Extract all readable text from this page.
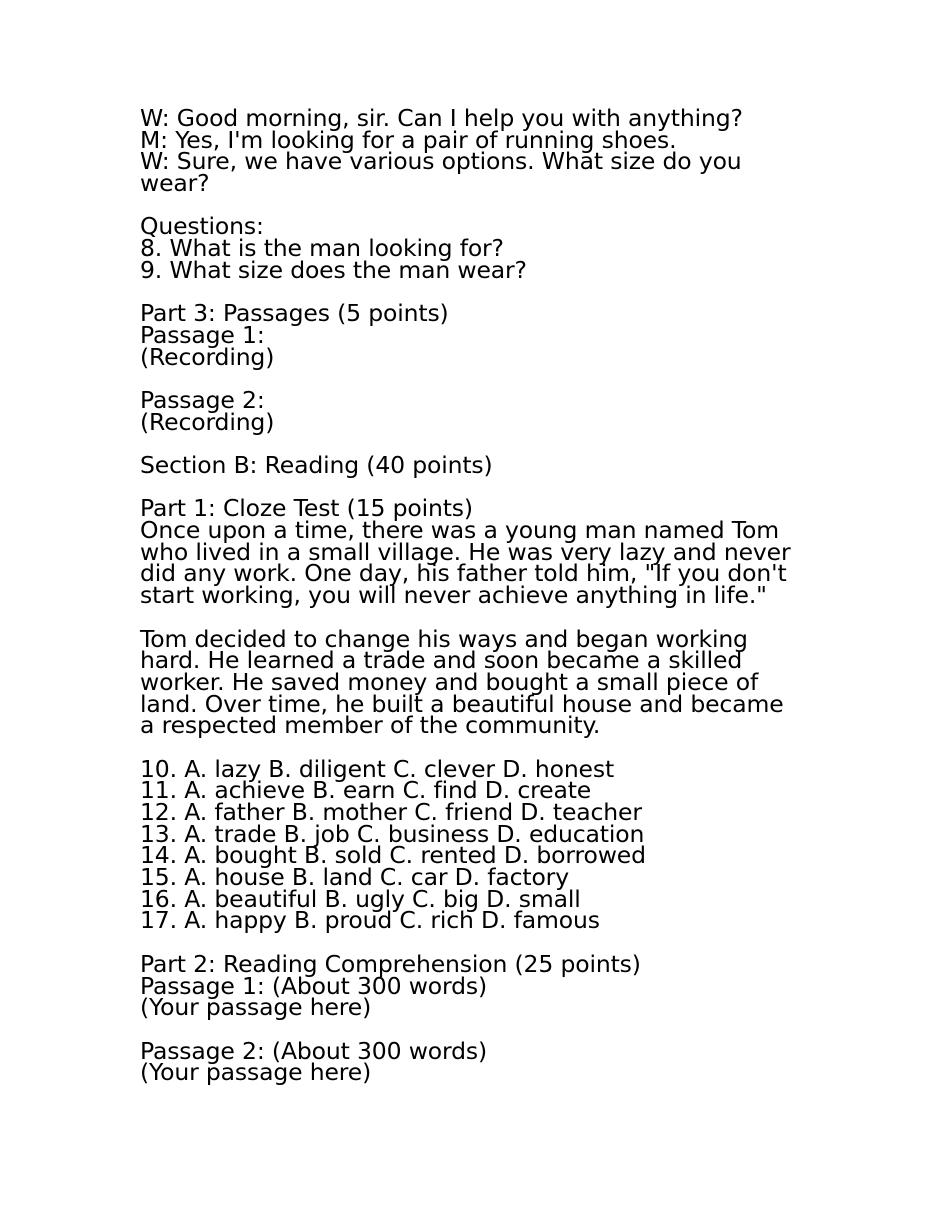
W: Good morning, sir. Can I help you with anything?
M: Yes, I'm looking for a pair of running shoes.
W: Sure, we have various options. What size do you
wear?
Questions:
8. What is the man looking for?
9. What size does the man wear?
Part 3: Passages (5 points)
Passage 1:
(Recording)
Passage 2:
(Recording)
Section B: Reading (40 points)
Part 1: Cloze Test (15 points)
Once upon a time, there was a young man named Tom
who lived in a small village. He was very lazy and never
did any work. One day, his father told him, "If you don't
start working, you will never achieve anything in life."
Tom decided to change his ways and began working
hard. He learned a trade and soon became a skilled
worker. He saved money and bought a small piece of
land. Over time, he built a beautiful house and became
a respected member of the community.
10. A. lazy B. diligent C. clever D. honest
11. A. achieve B. earn C. find D. create
12. A. father B. mother C. friend D. teacher
13. A. trade B. job C. business D. education
14. A. bought B. sold C. rented D. borrowed
15. A. house B. land C. car D. factory
16. A. beautiful B. ugly C. big D. small
17. A. happy B. proud C. rich D. famous
Part 2: Reading Comprehension (25 points)
Passage 1: (About 300 words)
(Your passage here)
Passage 2: (About 300 words)
(Your passage here)
